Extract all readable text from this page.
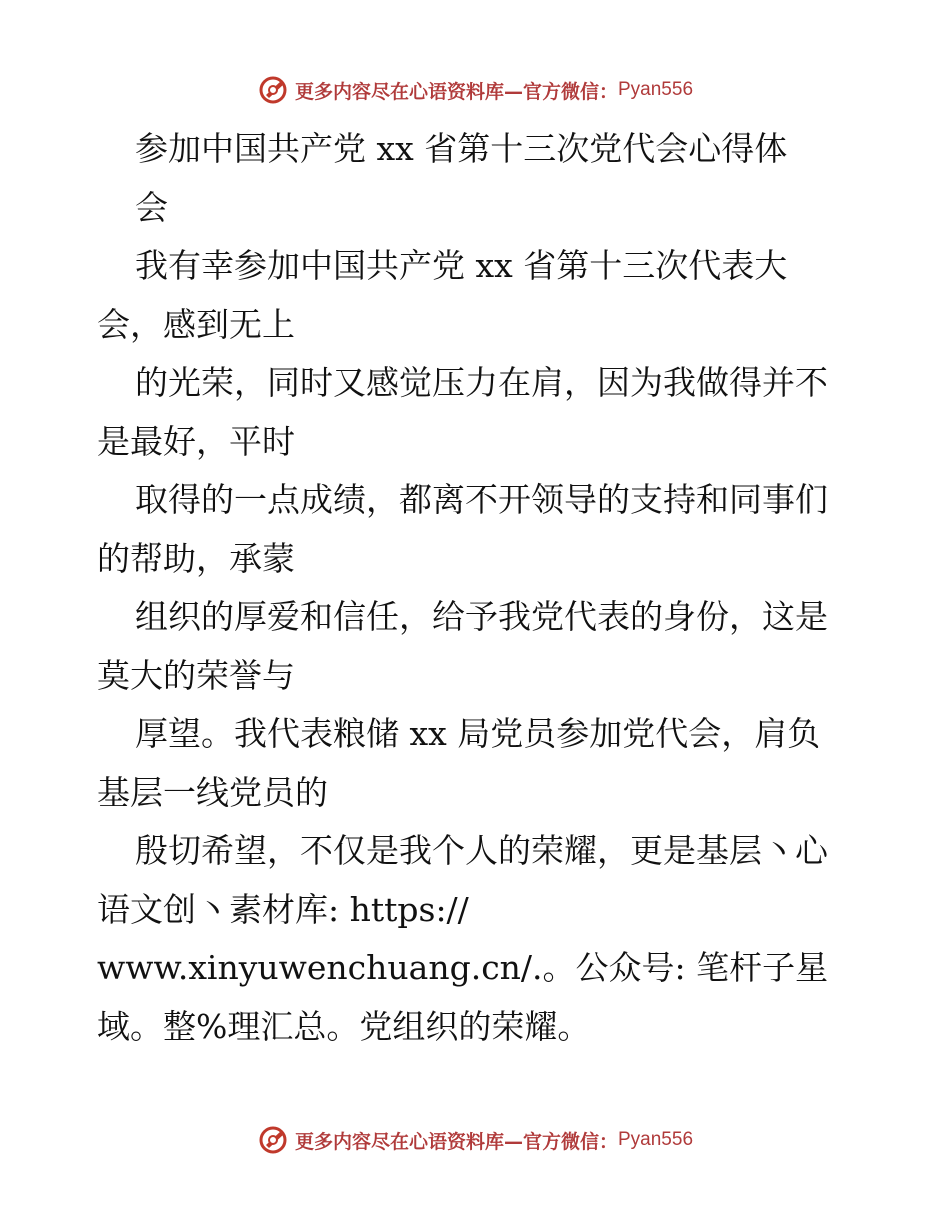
更多内容尽在心语资料库—官方微信： Pyan556
参加中国共产党 xx 省第十三次党代会心得体
会
我有幸参加中国共产党 xx 省第十三次代表大
会，感到无上
的光荣，同时又感觉压力在肩，因为我做得并不
是最好，平时
取得的一点成绩，都离不开领导的支持和同事们
的帮助，承蒙
组织的厚爱和信任，给予我党代表的身份，这是
莫大的荣誉与
厚望。我代表粮储 xx 局党员参加党代会，肩负
基层一线党员的
殷切希望，不仅是我个人的荣耀，更是基层丶心
语文创丶素材库: https://
www.xinyuwenchuang.cn/.。公众号: 笔杆子星
域。整%理汇总。党组织的荣耀。
更多内容尽在心语资料库—官方微信： Pyan556
